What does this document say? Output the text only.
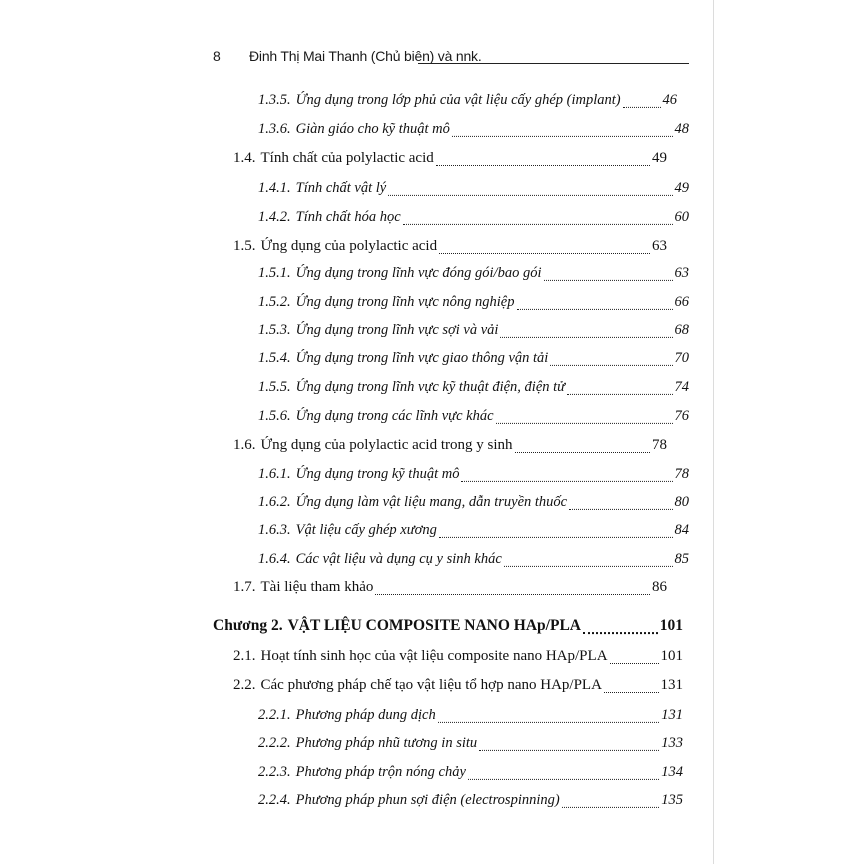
8 Đinh Thị Mai Thanh (Chủ biên) và nnk.
1.3.5. Ứng dụng trong lớp phủ của vật liệu cấy ghép (implant)	46
1.3.6. Giàn giáo cho kỹ thuật mô	48
1.4. Tính chất của polylactic acid	49
1.4.1. Tính chất vật lý	49
1.4.2. Tính chất hóa học	60
1.5. Ứng dụng của polylactic acid	63
1.5.1. Ứng dụng trong lĩnh vực đóng gói/bao gói	63
1.5.2. Ứng dụng trong lĩnh vực nông nghiệp	66
1.5.3. Ứng dụng trong lĩnh vực sợi và vải	68
1.5.4. Ứng dụng trong lĩnh vực giao thông vận tải	70
1.5.5. Ứng dụng trong lĩnh vực kỹ thuật điện, điện tử	74
1.5.6. Ứng dụng trong các lĩnh vực khác	76
1.6. Ứng dụng của polylactic acid trong y sinh	78
1.6.1. Ứng dụng trong kỹ thuật mô	78
1.6.2. Ứng dụng làm vật liệu mang, dẫn truyền thuốc	80
1.6.3. Vật liệu cấy ghép xương	84
1.6.4. Các vật liệu và dụng cụ y sinh khác	85
1.7. Tài liệu tham khảo	86
Chương 2. VẬT LIỆU COMPOSITE NANO HAp/PLA	101
2.1. Hoạt tính sinh học của vật liệu composite nano HAp/PLA	101
2.2. Các phương pháp chế tạo vật liệu tổ hợp nano HAp/PLA	131
2.2.1. Phương pháp dung dịch	131
2.2.2. Phương pháp nhũ tương in situ	133
2.2.3. Phương pháp trộn nóng chảy	134
2.2.4. Phương pháp phun sợi điện (electrospinning)	135
